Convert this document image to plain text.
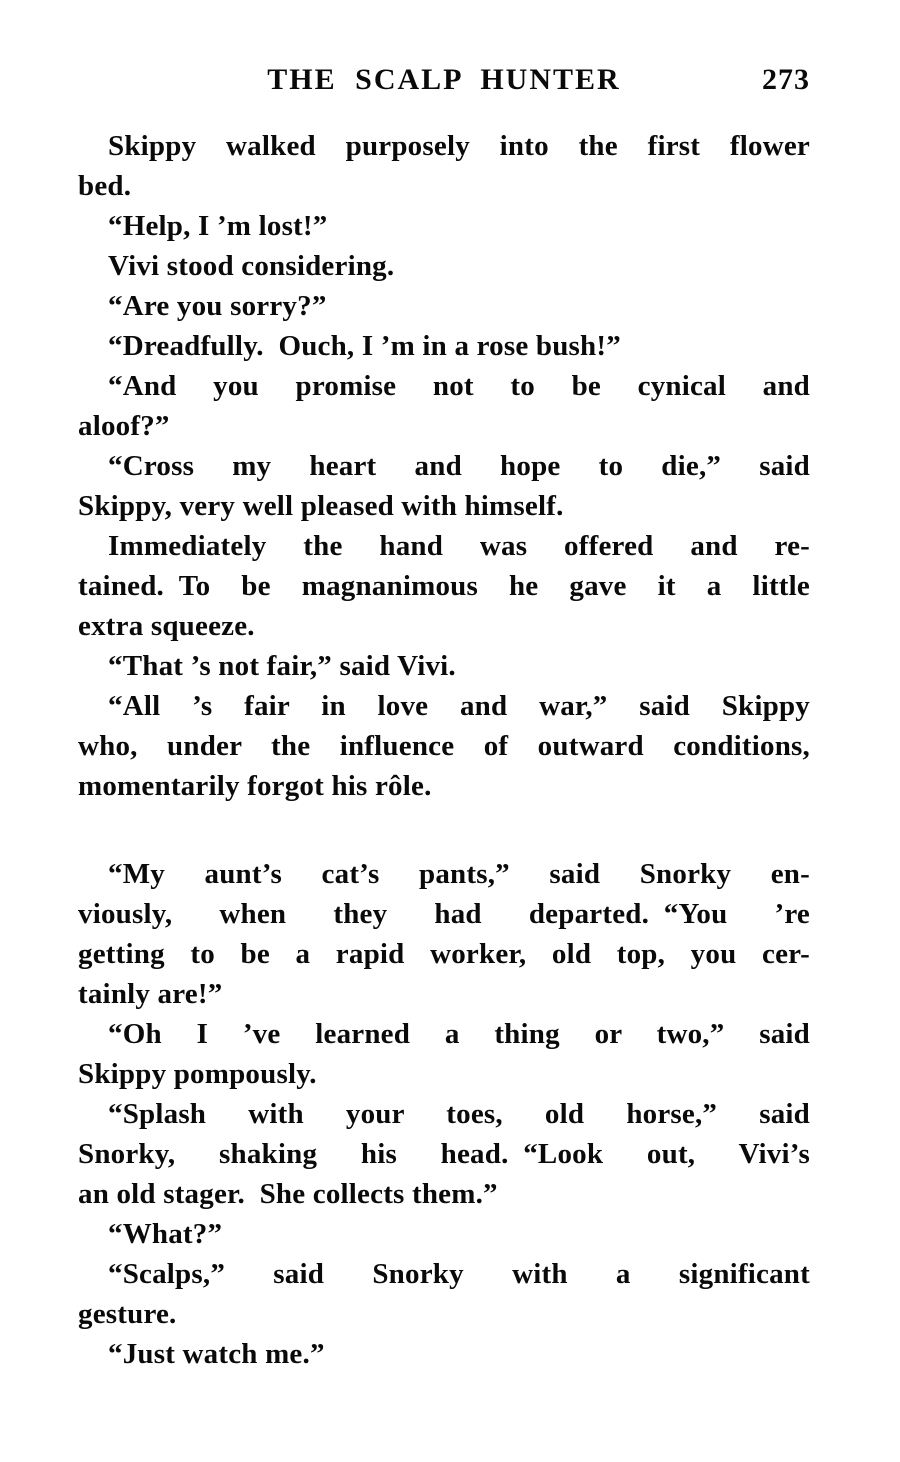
THE SCALP HUNTER	273
Skippy walked purposely into the first flower
bed.
“Help, I ’m lost!”
Vivi stood considering.
“Are you sorry?”
“Dreadfully. Ouch, I ’m in a rose bush!”
“And you promise not to be cynical and
aloof?”
“Cross my heart and hope to die,” said
Skippy, very well pleased with himself.
Immediately the hand was offered and re-
tained. To be magnanimous he gave it a little
extra squeeze.
“That ’s not fair,” said Vivi.
“All ’s fair in love and war,” said Skippy
who, under the influence of outward conditions,
momentarily forgot his rôle.
“My aunt’s cat’s pants,” said Snorky en-
viously, when they had departed. “You ’re
getting to be a rapid worker, old top, you cer-
tainly are!”
“Oh I ’ve learned a thing or two,” said
Skippy pompously.
“Splash with your toes, old horse,” said
Snorky, shaking his head. “Look out, Vivi’s
an old stager. She collects them.”
“What?”
“Scalps,” said Snorky with a significant
gesture.
“Just watch me.”
